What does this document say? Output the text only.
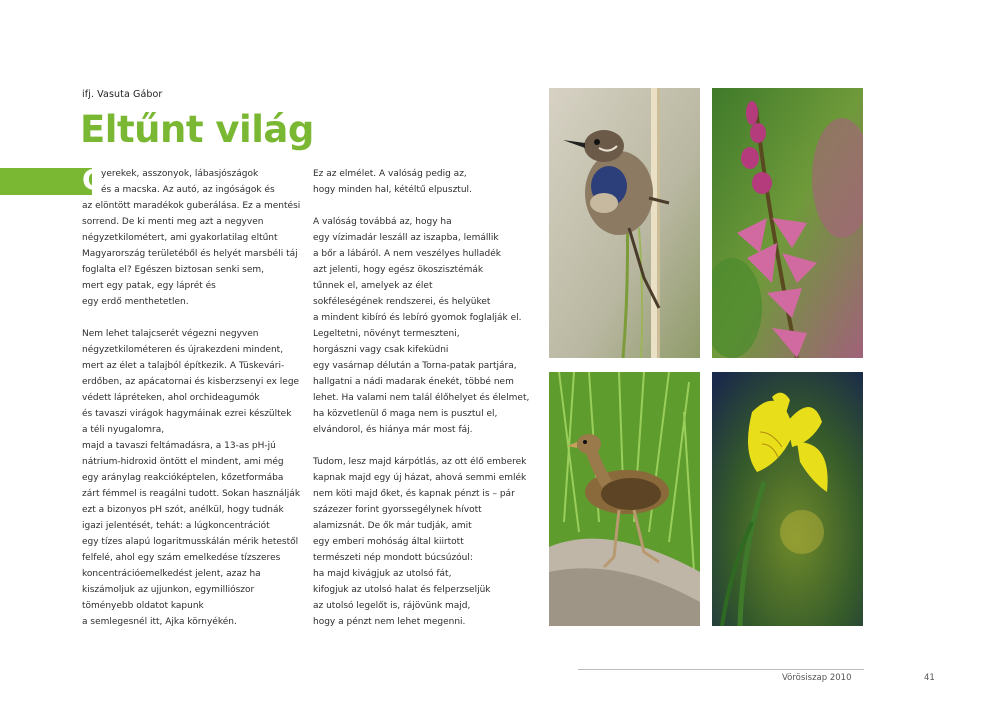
ifj. Vasuta Gábor
Eltűnt világ
G
yerekek, asszonyok, lábasjószágok
és a macska. Az autó, az ingóságok és
az elöntött maradékok guberálása. Ez a mentési
sorrend. De ki menti meg azt a negyven
négyzetkilométert, ami gyakorlatilag eltűnt
Magyarország területéből és helyét marsbéli táj
foglalta el? Egészen biztosan senki sem,
mert egy patak, egy láprét és
egy erdő menthetetlen.
Nem lehet talajcserét végezni negyven
négyzetkilométeren és újrakezdeni mindent,
mert az élet a talajból építkezik. A Tüskevári-
erdőben, az apácatornai és kisberzsenyi ex lege
védett lápréteken, ahol orchideagumók
és tavaszi virágok hagymáinak ezrei készültek
a téli nyugalomra,
majd a tavaszi feltámadásra, a 13-as pH-jú
nátrium-hidroxid öntött el mindent, ami még
egy aránylag reakcióképtelen, kőzetformába
zárt fémmel is reagálni tudott. Sokan használják
ezt a bizonyos pH szót, anélkül, hogy tudnák
igazi jelentését, tehát: a lúgkoncentrációt
egy tízes alapú logaritmusskálán mérik hetestől
felfelé, ahol egy szám emelkedése tízszeres
koncentrációemelkedést jelent, azaz ha
kiszámoljuk az ujjunkon, egymilliószor
töményebb oldatot kapunk
a semlegesnél itt, Ajka környékén.
Ez az elmélet. A valóság pedig az,
hogy minden hal, kétéltű elpusztul.
A valóság továbbá az, hogy ha
egy vízimadár leszáll az iszapba, lemállik
a bőr a lábáról. A nem veszélyes hulladék
azt jelenti, hogy egész ökoszisztémák
tűnnek el, amelyek az élet
sokféleségének rendszerei, és helyüket
a mindent kibíró és lebíró gyomok foglalják el.
Legeltetni, növényt termeszteni,
horgászni vagy csak kifeküdni
egy vasárnap délután a Torna-patak partjára,
hallgatni a nádi madarak énekét, többé nem
lehet. Ha valami nem talál élőhelyet és élelmet,
ha közvetlenül ő maga nem is pusztul el,
elvándorol, és hiánya már most fáj.
Tudom, lesz majd kárpótlás, az ott élő emberek
kapnak majd egy új házat, ahová semmi emlék
nem köti majd őket, és kapnak pénzt is – pár
százezer forint gyorssegélynek hívott
alamizsnát. De ők már tudják, amit
egy emberi mohóság által kiirtott
természeti nép mondott búcsúzóul:
ha majd kivágjuk az utolsó fát,
kifogjuk az utolsó halat és felperzseljük
az utolsó legelőt is, rájövünk majd,
hogy a pénzt nem lehet megenni.
Vörösiszap 2010	41
